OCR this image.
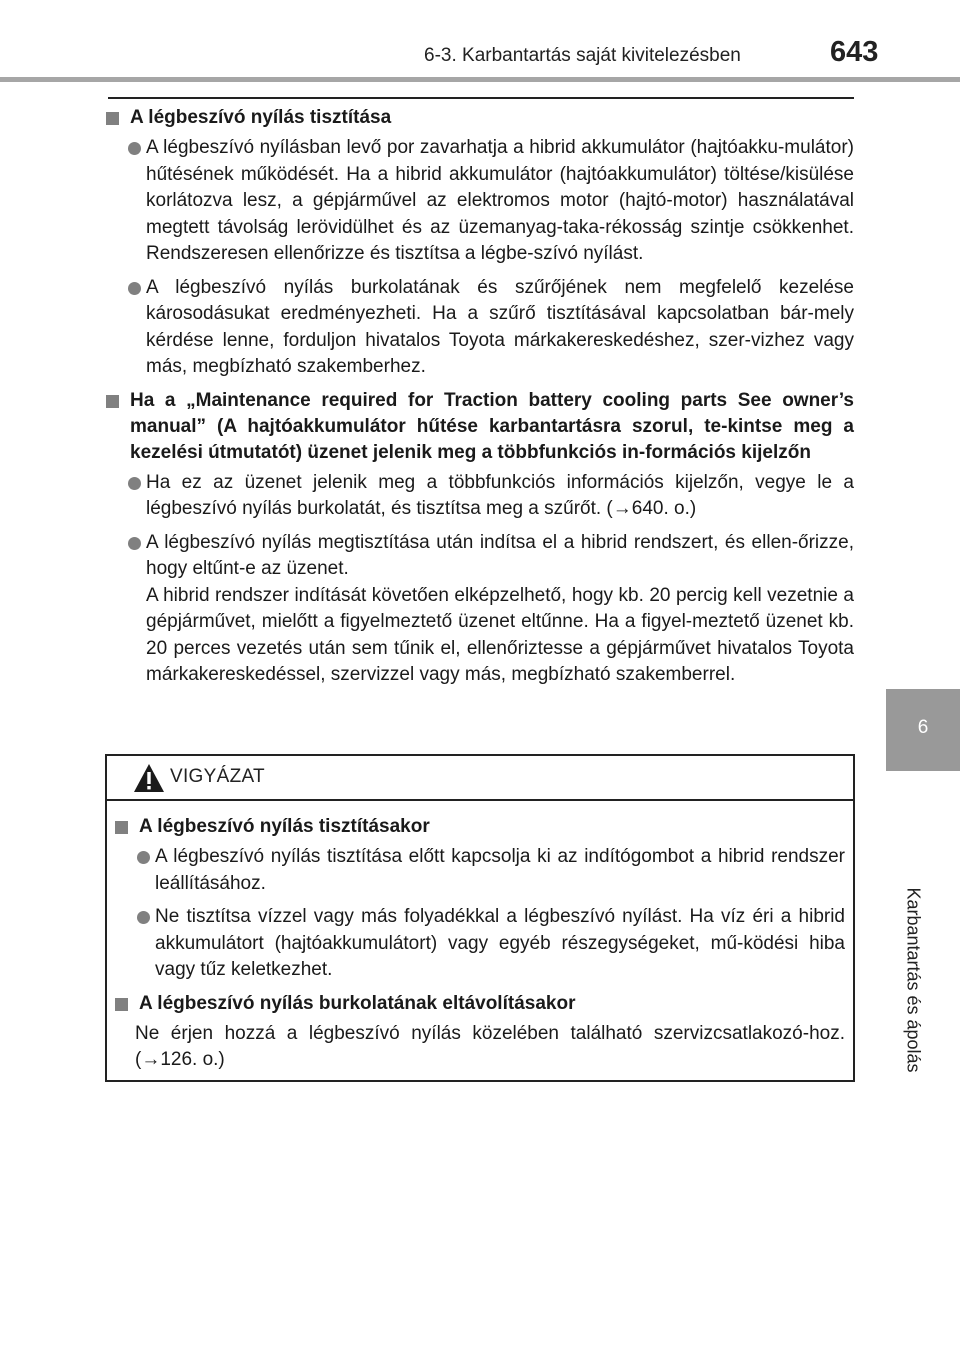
6-3. Karbantartás saját kivitelezésben	643
A légbeszívó nyílás tisztítása
A légbeszívó nyílásban levő por zavarhatja a hibrid akkumulátor (hajtóakku-mulátor) hűtésének működését. Ha a hibrid akkumulátor (hajtóakkumulátor) töltése/kisülése korlátozva lesz, a gépjárművel az elektromos motor (hajtó-motor) használatával megtett távolság lerövidülhet és az üzemanyag-taka-rékosság szintje csökkenhet. Rendszeresen ellenőrizze és tisztítsa a légbe-szívó nyílást.
A légbeszívó nyílás burkolatának és szűrőjének nem megfelelő kezelése károsodásukat eredményezheti. Ha a szűrő tisztításával kapcsolatban bár-mely kérdése lenne, forduljon hivatalos Toyota márkakereskedéshez, szer-vizhez vagy más, megbízható szakemberhez.
Ha a „Maintenance required for Traction battery cooling parts See owner’s manual” (A hajtóakkumulátor hűtése karbantartásra szorul, te-kintse meg a kezelési útmutatót) üzenet jelenik meg a többfunkciós in-formációs kijelzőn
Ha ez az üzenet jelenik meg a többfunkciós információs kijelzőn, vegye le a légbeszívó nyílás burkolatát, és tisztítsa meg a szűrőt. (→640. o.)
A légbeszívó nyílás megtisztítása után indítsa el a hibrid rendszert, és ellen-őrizze, hogy eltűnt-e az üzenet.
A hibrid rendszer indítását követően elképzelhető, hogy kb. 20 percig kell vezetnie a gépjárművet, mielőtt a figyelmeztető üzenet eltűnne. Ha a figyel-meztető üzenet kb. 20 perces vezetés után sem tűnik el, ellenőriztesse a gépjárművet hivatalos Toyota márkakereskedéssel, szervizzel vagy más, megbízható szakemberrel.
6
Karbantartás és ápolás
VIGYÁZAT
A légbeszívó nyílás tisztításakor
A légbeszívó nyílás tisztítása előtt kapcsolja ki az indítógombot a hibrid rendszer leállításához.
Ne tisztítsa vízzel vagy más folyadékkal a légbeszívó nyílást. Ha víz éri a hibrid akkumulátort (hajtóakkumulátort) vagy egyéb részegységeket, mű-ködési hiba vagy tűz keletkezhet.
A légbeszívó nyílás burkolatának eltávolításakor
Ne érjen hozzá a légbeszívó nyílás közelében található szervizcsatlakozó-hoz. (→126. o.)
